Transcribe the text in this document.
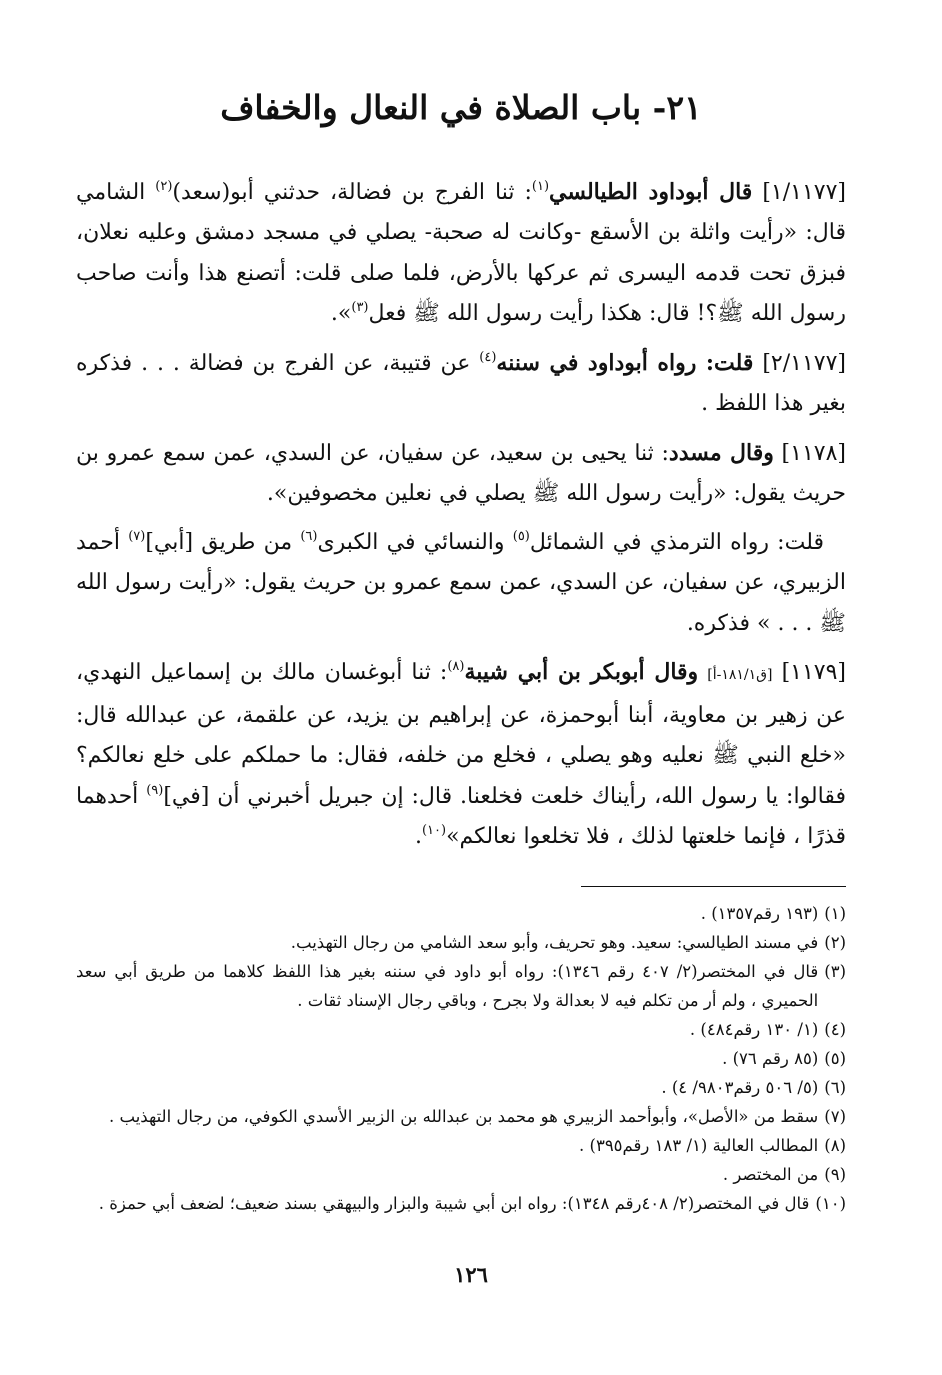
٢١- باب الصلاة في النعال والخفاف

[١/١١٧٧] قال أبوداود الطيالسي$^{(١)}$: ثنا الفرج بن فضالة، حدثني أبو(سعد)$^{(٢)}$ الشامي قال: «رأيت واثلة بن الأسقع -وكانت له صحبة- يصلي في مسجد دمشق وعليه نعلان، فبزق تحت قدمه اليسرى ثم عركها بالأرض، فلما صلى قلت: أتصنع هذا وأنت صاحب رسول الله ﷺ؟! قال: هكذا رأيت رسول الله ﷺ فعل$^{(٣)}$».

[٢/١١٧٧] قلت: رواه أبوداود في سننه$^{(٤)}$ عن قتيبة، عن الفرج بن فضالة . . . فذكره بغير هذا اللفظ .

[١١٧٨] وقال مسدد: ثنا يحيى بن سعيد، عن سفيان، عن السدي، عمن سمع عمرو بن حريث يقول: «رأيت رسول الله ﷺ يصلي في نعلين مخصوفين».

قلت: رواه الترمذي في الشمائل$^{(٥)}$ والنسائي في الكبرى$^{(٦)}$ من طريق [أبي]$^{(٧)}$ أحمد الزبيري، عن سفيان، عن السدي، عمن سمع عمرو بن حريث يقول: «رأيت رسول الله ﷺ . . . » فذكره.

[١١٧٩] [ق١٨١/١-أ] وقال أبوبكر بن أبي شيبة$^{(٨)}$: ثنا أبوغسان مالك بن إسماعيل النهدي، عن زهير بن معاوية، أبنا أبوحمزة، عن إبراهيم بن يزيد، عن علقمة، عن عبدالله قال: «خلع النبي ﷺ نعليه وهو يصلي ، فخلع من خلفه، فقال: ما حملكم على خلع نعالكم؟ فقالوا: يا رسول الله، رأيناك خلعت فخلعنا. قال: إن جبريل أخبرني أن [في]$^{(٩)}$ أحدهما قذرًا ، فإنما خلعتها لذلك ، فلا تخلعوا نعالكم»$^{(١٠)}$.

(١)
(١٩٣ رقم١٣٥٧) .
(٢)
في مسند الطيالسي: سعيد. وهو تحريف، وأبو سعد الشامي من رجال التهذيب.
(٣)
قال في المختصر(٢/ ٤٠٧ رقم ١٣٤٦): رواه أبو داود في سننه بغير هذا اللفظ كلاهما من طريق أبي سعد الحميري ، ولم أر من تكلم فيه لا بعدالة ولا بجرح ، وباقي رجال الإسناد ثقات .
(٤)
(١/ ١٣٠ رقم٤٨٤) .
(٥)
(٨٥ رقم ٧٦) .
(٦)
(٥/ ٥٠٦ رقم٩٨٠٣/ ٤) .
(٧)
سقط من «الأصل»، وأبوأحمد الزبيري هو محمد بن عبدالله بن الزبير الأسدي الكوفي، من رجال التهذيب .
(٨)
المطالب العالية (١/ ١٨٣ رقم٣٩٥) .
(٩)
من المختصر .
(١٠)
قال في المختصر(٢/ ٤٠٨رقم ١٣٤٨): رواه ابن أبي شيبة والبزار والبيهقي بسند ضعيف؛ لضعف أبي حمزة .
١٢٦
